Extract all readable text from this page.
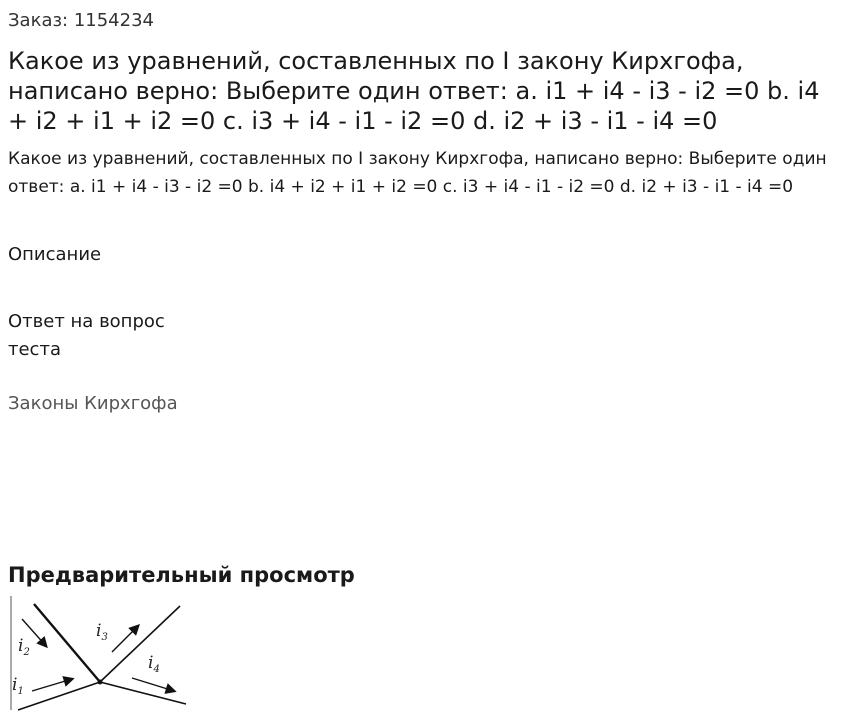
Заказ: 1154234
Какое из уравнений, составленных по I закону Кирхгофа, написано верно: Выберите один ответ: a. i1 + i4 - i3 - i2 =0 b. i4 + i2 + i1 + i2 =0 c. i3 + i4 - i1 - i2 =0 d. i2 + i3 - i1 - i4 =0

Какое из уравнений, составленных по I закону Кирхгофа, написано верно: Выберите один ответ: a. i1 + i4 - i3 - i2 =0 b. i4 + i2 + i1 + i2 =0 c. i3 + i4 - i1 - i2 =0 d. i2 + i3 - i1 - i4 =0

Описание
Ответ на вопрос теста
Законы Кирхгофа
Предварительный просмотр
$i_2$
$i_3$
$i_1$
$i_4$
